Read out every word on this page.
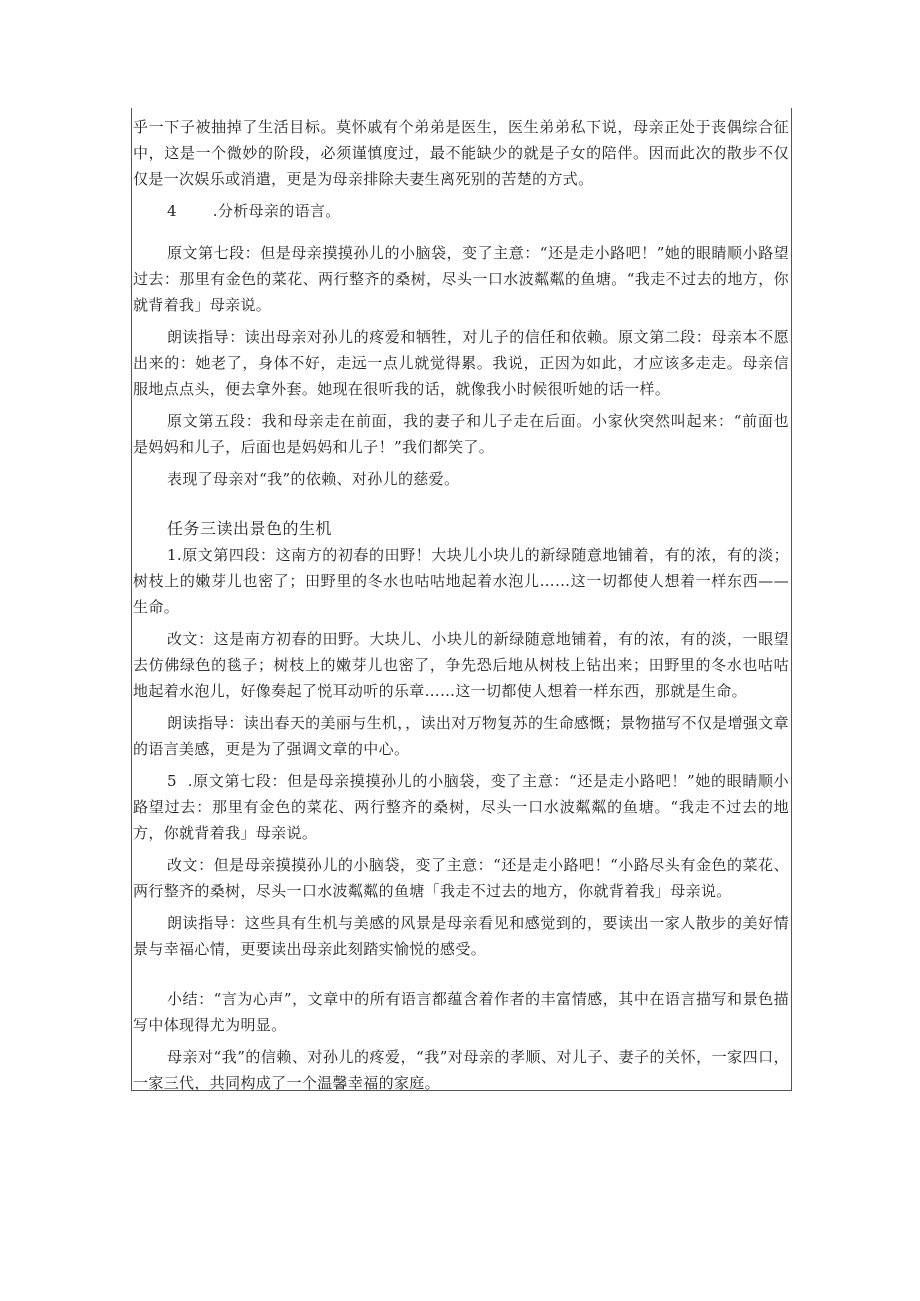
乎一下子被抽掉了生活目标。莫怀戚有个弟弟是医生，医生弟弟私下说，母亲正处于丧偶综合征中，这是一个微妙的阶段，必须谨慎度过，最不能缺少的就是子女的陪伴。因而此次的散步不仅仅是一次娱乐或消遣，更是为母亲排除夫妻生离死别的苦楚的方式。

4       .分析母亲的语言。

原文第七段：但是母亲摸摸孙儿的小脑袋，变了主意：“还是走小路吧！”她的眼睛顺小路望过去：那里有金色的菜花、两行整齐的桑树，尽头一口水波粼粼的鱼塘。“我走不过去的地方，你就背着我」母亲说。

朗读指导：读出母亲对孙儿的疼爱和牺牲，对儿子的信任和依赖。原文第二段：母亲本不愿出来的：她老了，身体不好，走远一点儿就觉得累。我说，正因为如此，才应该多走走。母亲信服地点点头，便去拿外套。她现在很听我的话，就像我小时候很听她的话一样。

原文第五段：我和母亲走在前面，我的妻子和儿子走在后面。小家伙突然叫起来：“前面也是妈妈和儿子，后面也是妈妈和儿子！”我们都笑了。

表现了母亲对“我”的依赖、对孙儿的慈爱。

任务三读出景色的生机

1.原文第四段：这南方的初春的田野！大块儿小块儿的新绿随意地铺着，有的浓，有的淡；树枝上的嫩芽儿也密了；田野里的冬水也咕咕地起着水泡儿……这一切都使人想着一样东西——生命。

改文：这是南方初春的田野。大块儿、小块儿的新绿随意地铺着，有的浓，有的淡，一眼望去仿佛绿色的毯子；树枝上的嫩芽儿也密了，争先恐后地从树枝上钻出来；田野里的冬水也咕咕地起着水泡儿，好像奏起了悦耳动听的乐章……这一切都使人想着一样东西，那就是生命。

朗读指导：读出春天的美丽与生机，，读出对万物复苏的生命感慨；景物描写不仅是增强文章的语言美感，更是为了强调文章的中心。

5  .原文第七段：但是母亲摸摸孙儿的小脑袋，变了主意：“还是走小路吧！”她的眼睛顺小路望过去：那里有金色的菜花、两行整齐的桑树，尽头一口水波粼粼的鱼塘。“我走不过去的地方，你就背着我」母亲说。

改文：但是母亲摸摸孙儿的小脑袋，变了主意：“还是走小路吧！“小路尽头有金色的菜花、两行整齐的桑树，尽头一口水波粼粼的鱼塘「我走不过去的地方，你就背着我」母亲说。

朗读指导：这些具有生机与美感的风景是母亲看见和感觉到的，要读出一家人散步的美好情景与幸福心情，更要读出母亲此刻踏实愉悦的感受。

小结：“言为心声”，文章中的所有语言都蕴含着作者的丰富情感，其中在语言描写和景色描写中体现得尤为明显。

母亲对“我”的信赖、对孙儿的疼爱，“我”对母亲的孝顺、对儿子、妻子的关怀，一家四口，一家三代，共同构成了一个温馨幸福的家庭。
